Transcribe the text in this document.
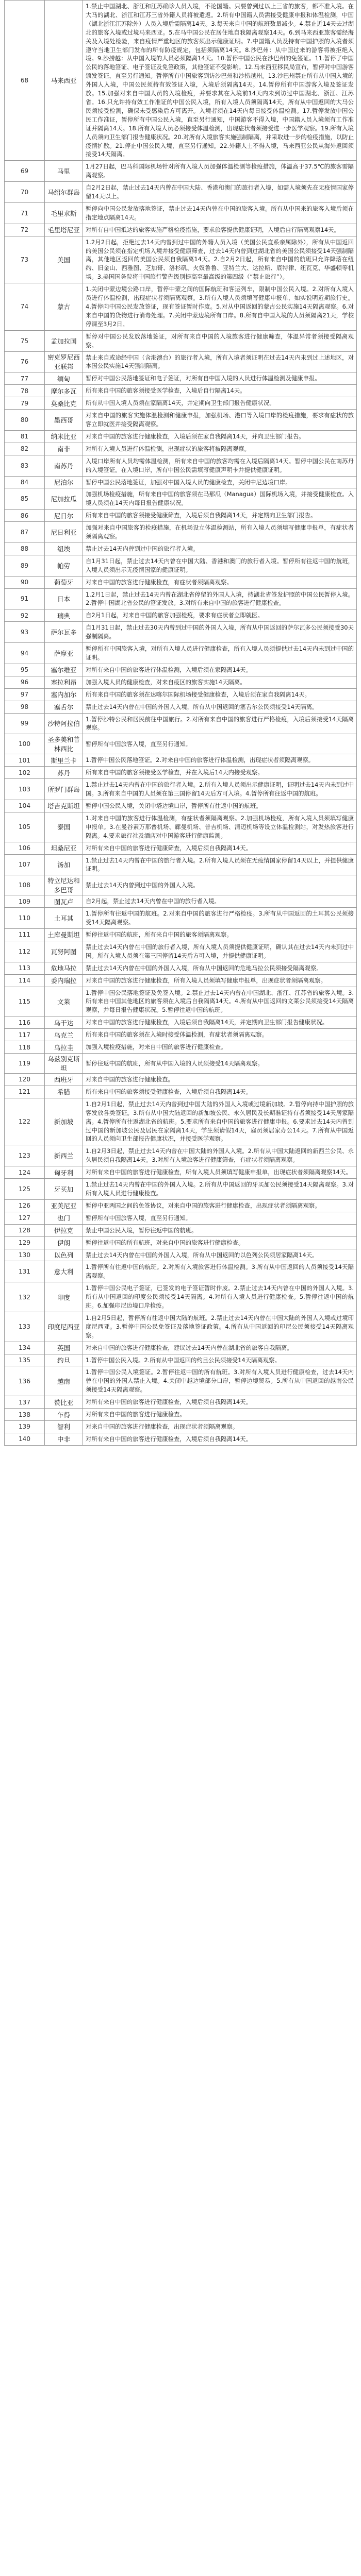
68	马来西亚	1.禁止中国湖北、浙江和江苏确诊人员入境，不论国籍。只要曾到过以上三省的旅客，都不准入境。在大马的湖北、浙江和江苏三省外籍人员将被遣返。2.所有中国籍人员需接受健康申报和体温检测，中国（湖北浙江江苏除外）人员入境后需隔离14天。3.每天来自中国的航班数量减少。4.禁止近14天去过湖北的旅客入境或过境马来西亚。5.在马中国公民在居住地自我隔离观察14天。6.到马来西亚旅客需经海关及入境处检验，来自疫情严重地区的旅客须出示健康证明。7.中国籍人员及持有中国护照的入境者须遵守当地卫生部门发布的所有防疫规定，包括须隔离14天。8.沙巴州：从中国过来的游客将被拒绝入境。9.沙捞越：从中国入境的人员必须隔离14天。10.暂停中国公民在沙巴州的免签证。11.暂停了中国公民的落地签证、电子签证及免签政策，其他签证不受影响。12.马来西亚移民局宣布，暂停对中国游客颁发签证，直至另行通知。暂停所有中国旅客到访沙巴州和沙捞越州。13.沙巴州禁止所有从中国入境的外国人入境，中国公民须持有效签证入境，入境后须隔离14天。14.暂停所有中国游客入境及签证发放。15.加强对来自中国人员的入境检疫，并要求其在入境前14天内未到访过中国湖北、浙江、江苏省。16.只允许持有效工作准证的中国公民入境，所有入境人员须隔离14天，所有从中国返回的大马公民须接受检测，确保未受感染后方可离开。入境者须在14天内每日接受体温检测。17.暂停发放中国公民工作准证，暂停所有中国公民入境，直至另行通知，中国游客不得入境，中国籍人员入境须有工作准证并隔离14天。18.所有入境人员必须接受体温检测，出现症状者须接受进一步医学观察。19.所有入境人员须向卫生部门报告健康状况。20.对所有入境旅客实施强制隔离，并采取进一步的检疫措施，以防止疫情扩散。21.停止中国公民入境，直至另行通知。22.外籍人士不得入境，马来西亚公民从海外返回须接受14天隔离。
69	马里	1月27日起，巴马科国际机场针对所有入境人员加强体温检测等检疫措施，体温高于37.5℃的旅客需隔离观察。
70	马绍尔群岛	自2月2日起，禁止过去14天内曾在中国大陆、香港和澳门的旅行者入境，如需入境须先在无疫情国家停留14天以上。
71	毛里求斯	暂停向中国公民发放落地签证，禁止过去14天内曾在中国的旅客入境。所有从中国来的旅客入境后须在指定地点隔离14天。
72	毛里塔尼亚	对所有自中国抵达的旅客实施严格检疫措施，要求旅客提供健康证明，入境后自行隔离观察14天。
73	美国	1.2月2日起，拒绝过去14天内曾到过中国的外籍人员入境（美国公民直系亲属除外），所有从中国返回的美国公民须在指定机场入境并接受健康筛查，过去14天内曾到过湖北省的美国公民须接受14天强制隔离，其他地区返回的美国公民须自我隔离14天。2.自2月2日起，所有来自中国的航班只允许降落在纽约、旧金山、西雅图、芝加哥、洛杉矶、火奴鲁鲁、亚特兰大、达拉斯、底特律、纽瓦克、华盛顿等机场。3.美国国务院将中国旅行警告级别提高至最高级的第四级（“禁止旅行”）。
74	蒙古	1.关闭中蒙边境公路口岸，暂停中蒙之间的国际航班和客运列车，限制中国公民入境。2.对所有入境人员进行体温检测，出现症状者须隔离观察。3.所有入境人员须填写健康申报单，如实说明近期旅行史。4.暂停向中国公民发放签证，现有签证暂时作废。5.对从中国返回的蒙古公民实施14天隔离观察。6.对来自中国的货物进行消毒处理。7.关闭中蒙边境所有口岸。8.所有自中国入境的人员须隔离21天，学校停课至3月2日。
75	孟加拉国	暂停对中国公民发放落地签证，对所有来自中国的入境旅客进行健康筛查，体温异常者须接受隔离观察。
76	密克罗尼西亚联邦	禁止来自或途经中国（含港澳台）的旅行者入境，所有入境者须证明在过去14天内未到过上述地区，对本国公民实施14天强制隔离。
77	缅甸	暂停对中国公民落地签证和电子签证，对所有自中国入境的人员进行体温检测及健康申报。
78	摩尔多瓦	所有来自中国的旅客须接受医学检查，入境后自行隔离14天。
79	莫桑比克	所有从中国入境人员须在家隔离14天，并定期向卫生部门报告健康状况。
80	墨西哥	对来自中国的旅客实施体温检测和健康申报，加强机场、港口等入境口岸的检疫措施，要求有症状的旅客立即就医并接受隔离观察。
81	纳米比亚	对来自中国的旅客进行健康检查，入境后须在家自我隔离14天，并向卫生部门报告。
82	南非	对所有入境人员进行体温检测，出现症状的旅客将被隔离观察。
83	南苏丹	入境口岸所有人员均需体温检测，所有来自中国的旅客均需在入境后隔离14天。暂停中国公民在南苏丹的入境签证。在入境口岸，所有中国公民需填写健康声明卡并提供健康证明。
84	尼泊尔	暂停中国公民落地签证，加强对中国入境人员的健康检查，关闭中尼边境口岸。
85	尼加拉瓜	加强机场检疫措施，所有来自中国的旅客须在马那瓜（Managua）国际机场入境，并接受健康检查。入境人员须在14天内每日报告健康状况。
86	尼日尔	所有来自中国的旅客须接受健康筛查，入境后须自我隔离14天，并定期向卫生部门报告。
87	尼日利亚	加强对来自中国旅客的检疫措施，在机场设立体温检测站，所有入境人员须填写健康申报单，有症状者须隔离观察。
88	纽埃	禁止过去14天内曾到过中国的旅行者入境。
89	帕劳	自1月31日起，禁止过去14天内曾在中国大陆、香港和澳门的旅行者入境。暂停所有往返中国的航班，入境人员须出示无疫情国家的健康证明。
90	葡萄牙	对来自中国的旅客进行健康检查，有症状者须隔离观察。
91	日本	1.2月1日起，禁止过去14天内曾在湖北省停留的外国人入境，持湖北省签发护照的中国公民暂停入境。2.暂停中国湖北省公民的签证发放。3.对所有来自中国的旅客进行健康检查。
92	瑞典	自2月1日起，对来自中国的旅客加强检疫，要求有症状者立即就医。
93	萨尔瓦多	自1月31日起，禁止过去30天内曾到过中国的外国人入境，所有从中国返回的萨尔瓦多公民须接受30天强制隔离。
94	萨摩亚	暂停所有中国旅客入境，对所有入境人员进行健康检查，所有入境人员须提供过去14天内未到过中国的证明。
95	塞尔维亚	对所有来自中国的旅客进行体温检测，入境后须在家隔离14天。
96	塞拉利昂	加强入境人员的健康检查，对来自疫区的旅客实施14天隔离。
97	塞内加尔	所有来自中国的旅客须在达喀尔国际机场接受健康检查，入境后须在家自我隔离14天。
98	塞舌尔	禁止过去14天内曾在中国的外国人入境，所有从中国返回的塞舌尔公民须接受14天隔离。
99	沙特阿拉伯	1.暂停沙特公民和居民前往中国旅行。2.对所有来自中国的旅客进行严格检疫，入境后须接受14天隔离观察。
100	圣多美和普林西比	暂停所有中国旅客入境，直至另行通知。
101	斯里兰卡	1.暂停中国公民落地签证。2.对来自中国的旅客进行体温检测，出现症状者须隔离观察。
102	苏丹	所有来自中国的旅客须接受医学检查，并在入境后14天内接受观察。
103	所罗门群岛	1.禁止过去14天内曾在中国的旅行者入境。2.所有入境人员须出示健康证明，证明过去14天内未到过中国。3.所有来自中国的人员须在第三国停留14天后方可入境。4.暂停所有往返中国的航班。
104	塔吉克斯坦	暂停中国公民入境，关闭中塔边境口岸，暂停所有往返中国的航班。
105	泰国	1.对来自中国的旅客进行体温检测，有症状者须隔离观察。2.加强机场检疫，所有入境人员须填写健康申报单。3.在曼谷素万那普机场、廊曼机场、普吉机场、清迈机场等设立体温检测站，对发热旅客进行隔离。4.要求旅行社及酒店对中国游客进行健康监测。
106	坦桑尼亚	对所有来自中国的旅客进行健康筛查，入境后须自我隔离14天。
107	汤加	1.禁止过去14天内曾在中国的旅行者入境。2.所有入境人员须在无疫情国家停留14天以上，并提供健康证明。
108	特立尼达和多巴哥	禁止过去14天内曾到过中国的外国人入境。
109	图瓦卢	自2月起，禁止过去14天内曾在中国的旅行者入境。
110	土耳其	1.暂停所有往返中国的航班。2.对来自中国的旅客进行严格检疫。3.所有从中国返回的土耳其公民须接受14天隔离观察。
111	土库曼斯坦	暂停往返中国的航班，所有来自中国的旅客须隔离观察。
112	瓦努阿图	禁止过去14天内曾在中国的旅行者入境，所有入境人员须提供健康证明，确认其在过去14天内未到过中国。所有入境人员须在第三国停留14天后方可入境，并提供健康证明。
113	危地马拉	禁止过去14天内曾在中国的外国人入境，所有从中国返回的危地马拉公民须接受隔离观察。
114	委内瑞拉	对来自中国的旅客进行健康检查，所有入境人员须填写健康申报单，出现症状者须隔离观察。
115	文莱	1.暂停中国公民落地签证及免签入境。2.禁止过去14天内曾在中国湖北、浙江、江苏省的旅客入境。3.所有来自中国其他地区的旅客须在入境后自我隔离14天。4.所有从中国返回的文莱公民须接受14天隔离观察，并每日报告健康状况。5.暂停往返中国的航班。
116	乌干达	对来自中国的旅客进行健康检查，入境后须自我隔离14天，并定期向卫生部门报告健康状况。
117	乌克兰	所有来自中国的旅客须在入境时接受体温检测，有症状者须隔离观察。
118	乌拉圭	加强入境检疫措施，对来自中国的旅客进行健康检查。
119	乌兹别克斯坦	暂停往返中国的航班，所有从中国入境的人员须接受14天隔离观察。
120	西班牙	对来自中国的旅客进行健康检查。
121	希腊	所有来自中国的旅客须接受健康检查，入境后须自我隔离14天。
122	新加坡	1.自2月1日起，禁止过去14天内曾到过中国大陆的外国人入境或过境新加坡。2.暂停向持中国护照的旅客发放各类签证。3.所有从中国大陆返回的新加坡公民、永久居民及长期准证持有者须接受14天居家隔离。4.暂停所有往返湖北省的航班。5.要求所有来自中国的旅客进行健康申报。6.要求过去14天内曾到过中国的新加坡公民及居民在家隔离14天，学生须请假14天，雇员须居家办公14天。7.所有从中国返回的人员须向卫生部报告健康状况，并接受医学观察。
123	新西兰	1.自2月3日起，禁止过去14天内曾在中国大陆的外国人入境。2.所有从中国大陆返回的新西兰公民、永久居民须自我隔离14天。3.对所有入境旅客进行健康筛查，有症状者须隔离观察。
124	匈牙利	对所有来自中国的旅客进行健康检查，所有入境人员须填写健康申报单，出现症状者须隔离观察14天。
125	牙买加	1.禁止过去14天内曾在中国的外国人入境。2.所有从中国返回的牙买加公民须接受14天隔离观察。3.对所有入境人员进行健康检查。
126	亚美尼亚	暂停中亚两国之间的免签协议，对来自中国的旅客进行健康检查，出现症状者须隔离观察。
127	也门	暂停所有中国旅客入境，直至另行通知。
128	伊拉克	禁止中国公民入境，暂停往返中国的航班。
129	伊朗	暂停往返中国的所有航班，对来自中国的旅客进行健康检查。
130	以色列	禁止过去14天内曾在中国的外国人入境，所有从中国返回的以色列公民须居家隔离14天。
131	意大利	1.暂停所有往返中国的航班。2.对所有入境旅客进行体温检测。3.所有从中国返回的人员须接受14天隔离观察。
132	印度	1.暂停中国公民电子签证，已签发的电子签证暂时作废。2.禁止过去14天内曾在中国的外国人入境。3.所有从中国返回的印度公民须接受14天隔离。4.对所有入境人员进行健康检查。5.暂停往返中国的航班。6.加强印尼边境口岸检疫。
133	印度尼西亚	1.自2月5日起，暂停所有往返中国大陆的航班。2.禁止过去14天内曾在中国大陆的外国人入境或过境印度尼西亚。3.暂停中国公民免签证及落地签证政策。4.所有从中国返回的印尼公民须接受14天隔离观察。
134	英国	对来自中国的旅客进行健康检查，建议过去14天内曾在湖北省的旅客自我隔离。
135	约旦	1.暂停中国公民入境。2.所有从中国返回的约旦公民须接受14天隔离观察。
136	越南	1.暂停中国公民入境签证。2.暂停往返中国的所有航班。3.对所有入境人员进行健康检查，过去14天内曾在中国的外国人禁止入境。4.关闭中越边境部分口岸，暂停边境贸易。5.所有从中国返回的越南公民须接受14天隔离观察。
137	赞比亚	对所有来自中国的旅客进行健康检查，入境后须自我隔离14天。
138	乍得	对所有来自中国的旅客进行健康检查。
139	智利	对来自中国的旅客进行健康检查，出现症状者须隔离观察。
140	中非	对所有来自中国的旅客进行健康检查，入境后须自我隔离14天。
